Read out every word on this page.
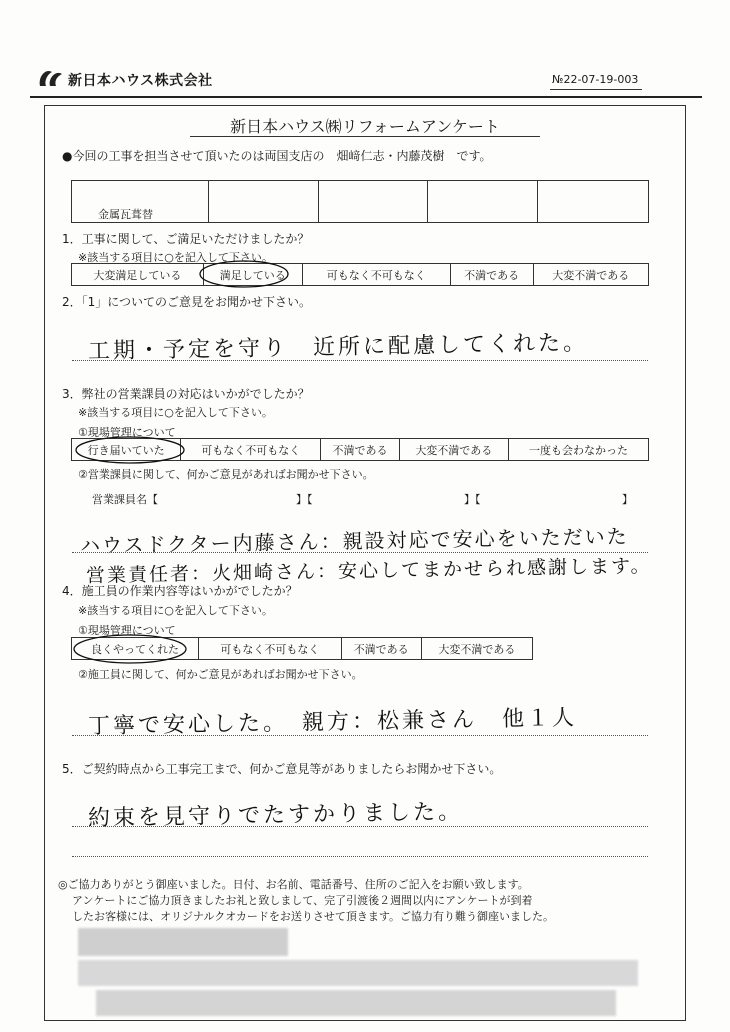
新日本ハウス株式会社	№22-07-19-003
新日本ハウス㈱リフォームアンケート
●今回の工事を担当させて頂いたのは両国支店の　畑﨑仁志・内藤茂樹　です。
金属瓦葺替				
1．工事に関して、ご満足いただけましたか？
※該当する項目に○を記入して下さい。
大変満足している	満足している	可もなく不可もなく	不満である	大変不満である
2．「1」についてのご意見をお聞かせ下さい。
工期・予定を守り　近所に配慮してくれた。
3．弊社の営業課員の対応はいかがでしたか？
※該当する項目に○を記入して下さい。
①現場管理について
行き届いていた	可もなく不可もなく	不満である	大変不満である	一度も会わなかった
②営業課員に関して、何かご意見があればお聞かせ下さい。
営業課員名【	】【	】【	】
ハウスドクター内藤さん：親設対応で安心をいただいた
営業責任者：火畑崎さん：安心してまかせられ感謝します。
4．施工員の作業内容等はいかがでしたか？
※該当する項目に○を記入して下さい。
①現場管理について
良くやってくれた	可もなく不可もなく	不満である	大変不満である
②施工員に関して、何かご意見があればお聞かせ下さい。
丁寧で安心した。　親方：松兼さん　他１人
5．ご契約時点から工事完工まで、何かご意見等がありましたらお聞かせ下さい。
約束を見守りでたすかりました。
◎ご協力ありがとう御座いました。日付、お名前、電話番号、住所のご記入をお願い致します。
アンケートにご協力頂きましたお礼と致しまして、完了引渡後２週間以内にアンケートが到着
したお客様には、オリジナルクオカードをお送りさせて頂きます。ご協力有り難う御座いました。
